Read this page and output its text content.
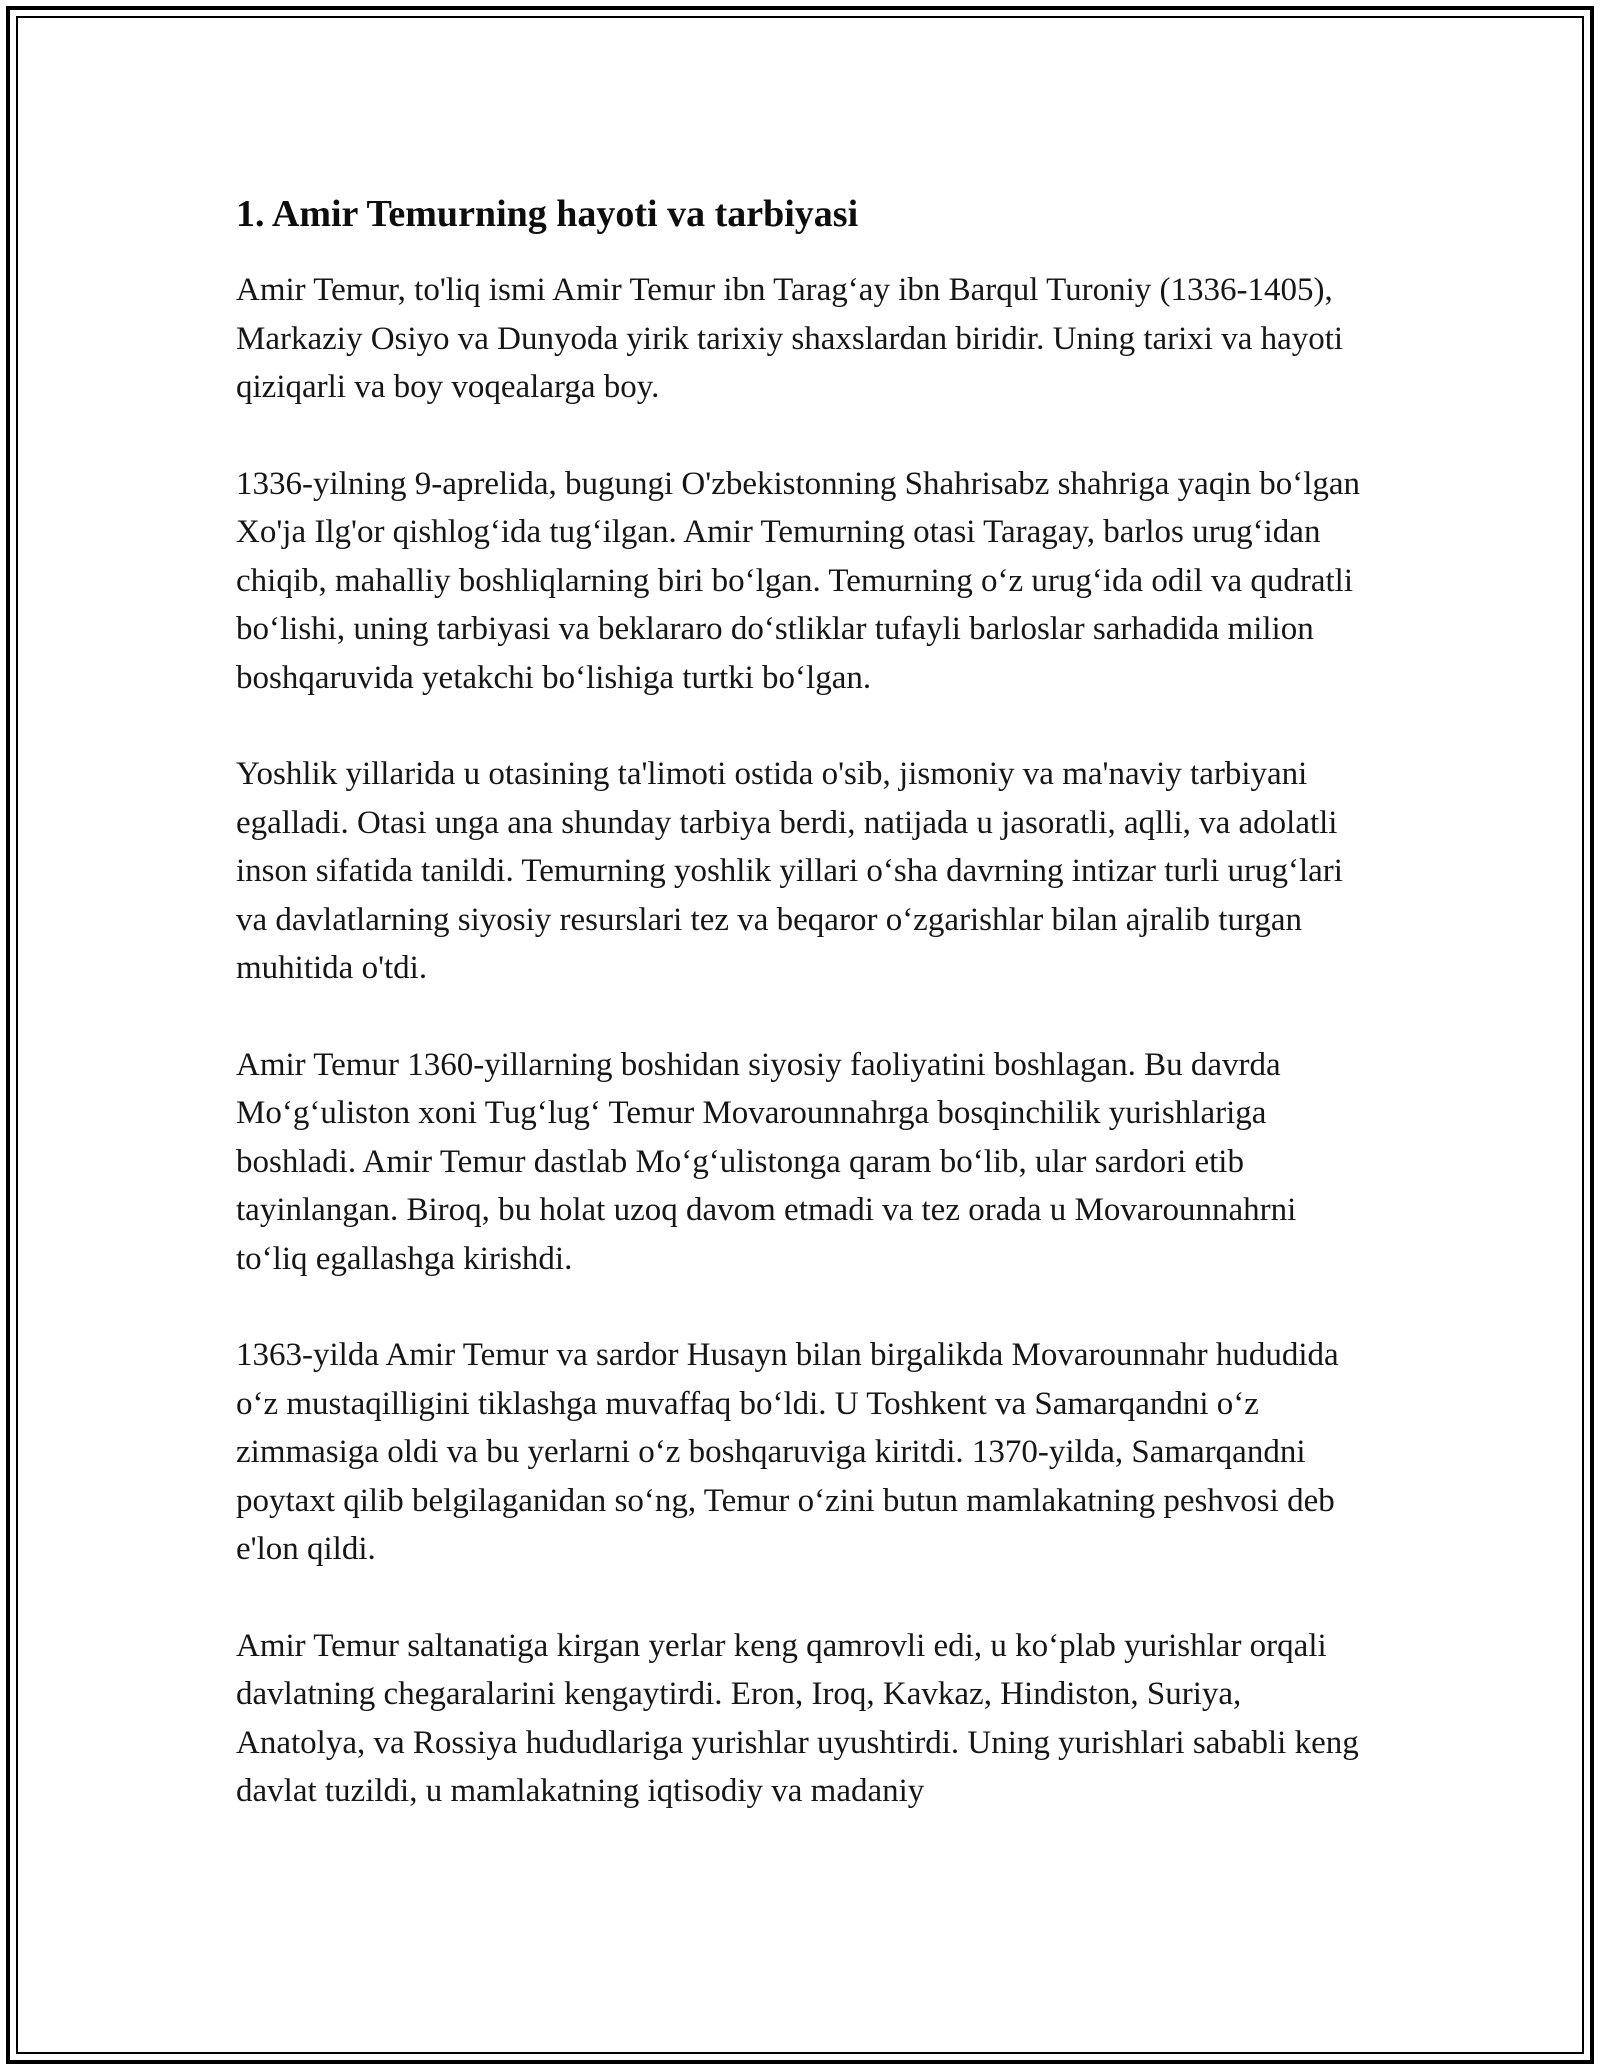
1. Amir Temurning hayoti va tarbiyasi

Amir Temur, to'liq ismi Amir Temur ibn Tarag‘ay ibn Barqul Turoniy (1336-1405), Markaziy Osiyo va Dunyoda yirik tarixiy shaxslardan biridir. Uning tarixi va hayoti qiziqarli va boy voqealarga boy.

1336-yilning 9-aprelida, bugungi O'zbekistonning Shahrisabz shahriga yaqin bo‘lgan Xo'ja Ilg'or qishlog‘ida tug‘ilgan. Amir Temurning otasi Taragay, barlos urug‘idan chiqib, mahalliy boshliqlarning biri bo‘lgan. Temurning o‘z urug‘ida odil va qudratli bo‘lishi, uning tarbiyasi va beklararo do‘stliklar tufayli barloslar sarhadida milion boshqaruvida yetakchi bo‘lishiga turtki bo‘lgan.

Yoshlik yillarida u otasining ta'limoti ostida o'sib, jismoniy va ma'naviy tarbiyani egalladi. Otasi unga ana shunday tarbiya berdi, natijada u jasoratli, aqlli, va adolatli inson sifatida tanildi. Temurning yoshlik yillari o‘sha davrning intizar turli urug‘lari va davlatlarning siyosiy resurslari tez va beqaror o‘zgarishlar bilan ajralib turgan muhitida o'tdi.

Amir Temur 1360-yillarning boshidan siyosiy faoliyatini boshlagan. Bu davrda Mo‘g‘uliston xoni Tug‘lug‘ Temur Movarounnahrga bosqinchilik yurishlariga boshladi. Amir Temur dastlab Mo‘g‘ulistonga qaram bo‘lib, ular sardori etib tayinlangan. Biroq, bu holat uzoq davom etmadi va tez orada u Movarounnahrni to‘liq egallashga kirishdi.

1363-yilda Amir Temur va sardor Husayn bilan birgalikda Movarounnahr hududida o‘z mustaqilligini tiklashga muvaffaq bo‘ldi. U Toshkent va Samarqandni o‘z zimmasiga oldi va bu yerlarni o‘z boshqaruviga kiritdi. 1370-yilda, Samarqandni poytaxt qilib belgilaganidan so‘ng, Temur o‘zini butun mamlakatning peshvosi deb e'lon qildi.

Amir Temur saltanatiga kirgan yerlar keng qamrovli edi, u ko‘plab yurishlar orqali davlatning chegaralarini kengaytirdi. Eron, Iroq, Kavkaz, Hindiston, Suriya, Anatolya, va Rossiya hududlariga yurishlar uyushtirdi. Uning yurishlari sababli keng davlat tuzildi, u mamlakatning iqtisodiy va madaniy
